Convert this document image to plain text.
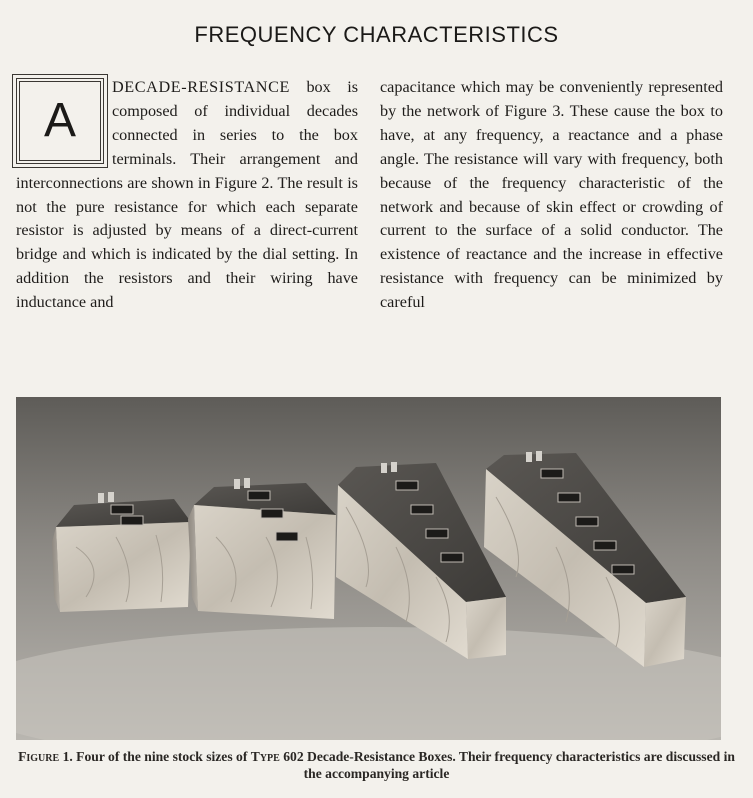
FREQUENCY CHARACTERISTICS
A
DECADE-RESISTANCE box is composed of individual decades connected in series to the box terminals. Their arrangement and interconnections are shown in Figure 2. The result is not the pure resistance for which each separate resistor is adjusted by means of a direct-current bridge and which is indicated by the dial setting. In addition the resistors and their wiring have inductance and
capacitance which may be conveniently represented by the network of Figure 3. These cause the box to have, at any frequency, a reactance and a phase angle. The resistance will vary with frequency, both because of the frequency characteristic of the network and because of skin effect or crowding of current to the surface of a solid conductor. The existence of reactance and the increase in effective resistance with frequency can be minimized by careful
Figure 1. Four of the nine stock sizes of Type 602 Decade-Resistance Boxes. Their frequency characteristics are discussed in the accompanying article
